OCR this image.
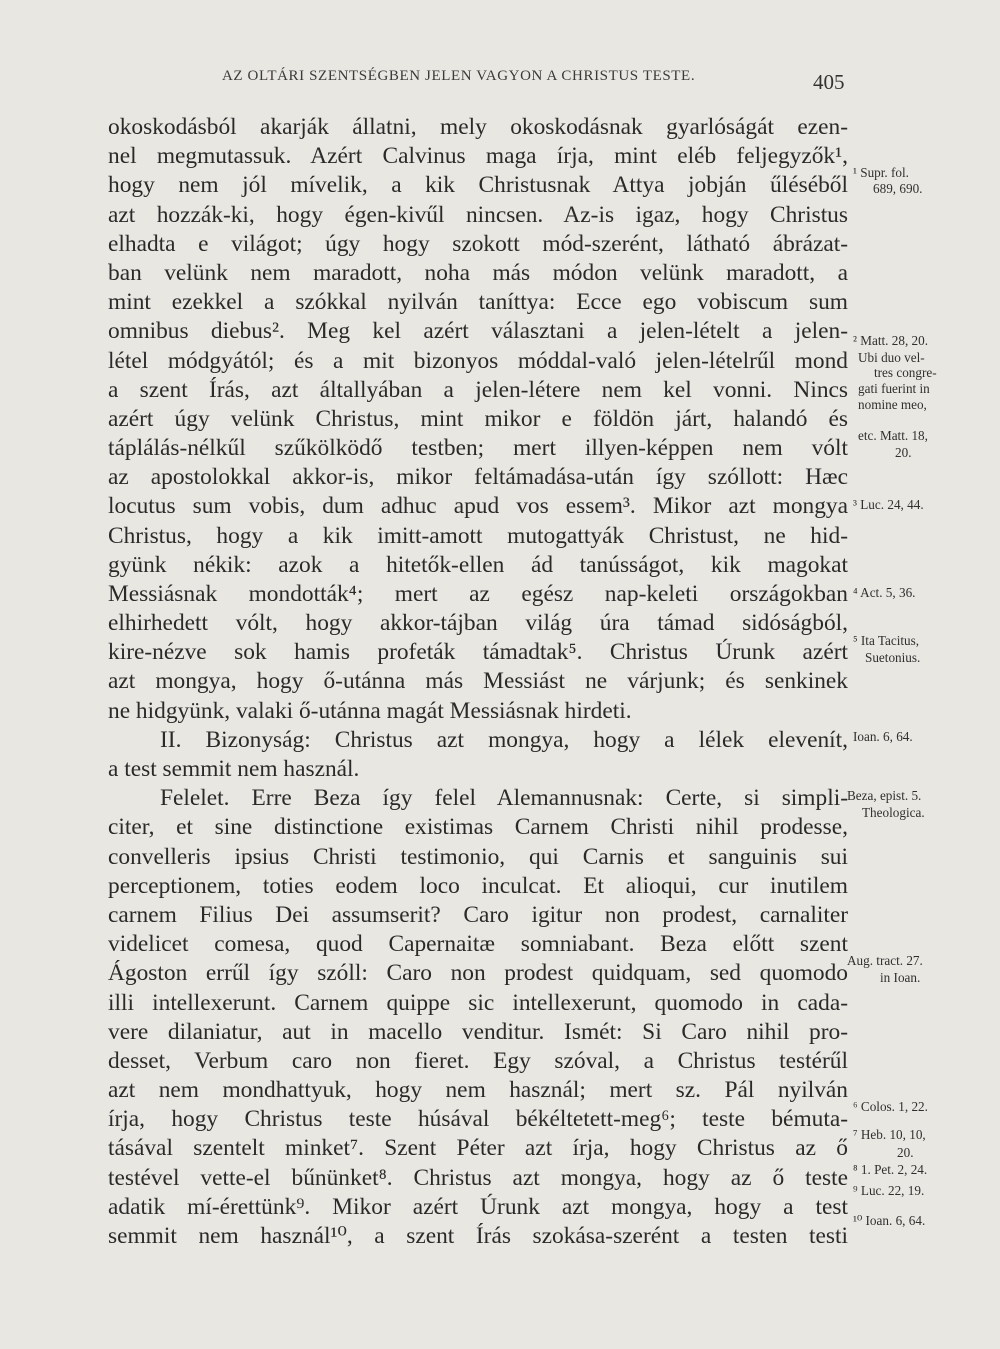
AZ OLTÁRI SZENTSÉGBEN JELEN VAGYON A CHRISTUS TESTE.	405
okoskodásból akarják állatni, mely okoskodásnak gyarlóságát ezen-
nel megmutassuk. Azért Calvinus maga írja, mint eléb feljegyzők¹,
hogy nem jól mívelik, a kik Christusnak Attya jobján űléséből
azt hozzák-ki, hogy égen-kivűl nincsen. Az-is igaz, hogy Christus
elhadta e világot; úgy hogy szokott mód-szerént, látható ábrázat-
ban velünk nem maradott, noha más módon velünk maradott, a
mint ezekkel a szókkal nyilván taníttya: Ecce ego vobiscum sum
omnibus diebus². Meg kel azért választani a jelen-lételt a jelen-
létel módgyától; és a mit bizonyos móddal-való jelen-lételrűl mond
a szent Írás, azt általlyában a jelen-létere nem kel vonni. Nincs
azért úgy velünk Christus, mint mikor e földön járt, halandó és
táplálás-nélkűl szűkölködő testben; mert illyen-képpen nem vólt
az apostolokkal akkor-is, mikor feltámadása-után így szóllott: Hæc
locutus sum vobis, dum adhuc apud vos essem³. Mikor azt mongya
Christus, hogy a kik imitt-amott mutogattyák Christust, ne hid-
gyünk nékik: azok a hitetők-ellen ád tanússágot, kik magokat
Messiásnak mondották⁴; mert az egész nap-keleti országokban
elhirhedett vólt, hogy akkor-tájban világ úra támad sidóságból,
kire-nézve sok hamis profeták támadtak⁵. Christus Úrunk azért
azt mongya, hogy ő-utánna más Messiást ne várjunk; és senkinek
ne hidgyünk, valaki ő-utánna magát Messiásnak hirdeti.
II. Bizonyság: Christus azt mongya, hogy a lélek elevenít,
a test semmit nem használ.
Felelet. Erre Beza így felel Alemannusnak: Certe, si simpli-
citer, et sine distinctione existimas Carnem Christi nihil prodesse,
convelleris ipsius Christi testimonio, qui Carnis et sanguinis sui
perceptionem, toties eodem loco inculcat. Et alioqui, cur inutilem
carnem Filius Dei assumserit? Caro igitur non prodest, carnaliter
videlicet comesa, quod Capernaitæ somniabant. Beza előtt szent
Ágoston errűl így szóll: Caro non prodest quidquam, sed quomodo
illi intellexerunt. Carnem quippe sic intellexerunt, quomodo in cada-
vere dilaniatur, aut in macello venditur. Ismét: Si Caro nihil pro-
desset, Verbum caro non fieret. Egy szóval, a Christus testérűl
azt nem mondhattyuk, hogy nem használ; mert sz. Pál nyilván
írja, hogy Christus teste húsával békéltetett-meg⁶; teste bémuta-
tásával szentelt minket⁷. Szent Péter azt írja, hogy Christus az ő
testével vette-el bűnünket⁸. Christus azt mongya, hogy az ő teste
adatik mí-érettünk⁹. Mikor azért Úrunk azt mongya, hogy a test
semmit nem használ¹⁰, a szent Írás szokása-szerént a testen testi
¹ Supr. fol.
689, 690.
² Matt. 28, 20.
Ubi duo vel-
tres congre-
gati fuerint in
nomine meo,
etc. Matt. 18,
20.
³ Luc. 24, 44.
⁴ Act. 5, 36.
⁵ Ita Tacitus,
Suetonius.
Ioan. 6, 64.
Beza, epist. 5.
Theologica.
Aug. tract. 27.
in Ioan.
⁶ Colos. 1, 22.
⁷ Heb. 10, 10,
20.
⁸ 1. Pet. 2, 24.
⁹ Luc. 22, 19.
¹⁰ Ioan. 6, 64.
